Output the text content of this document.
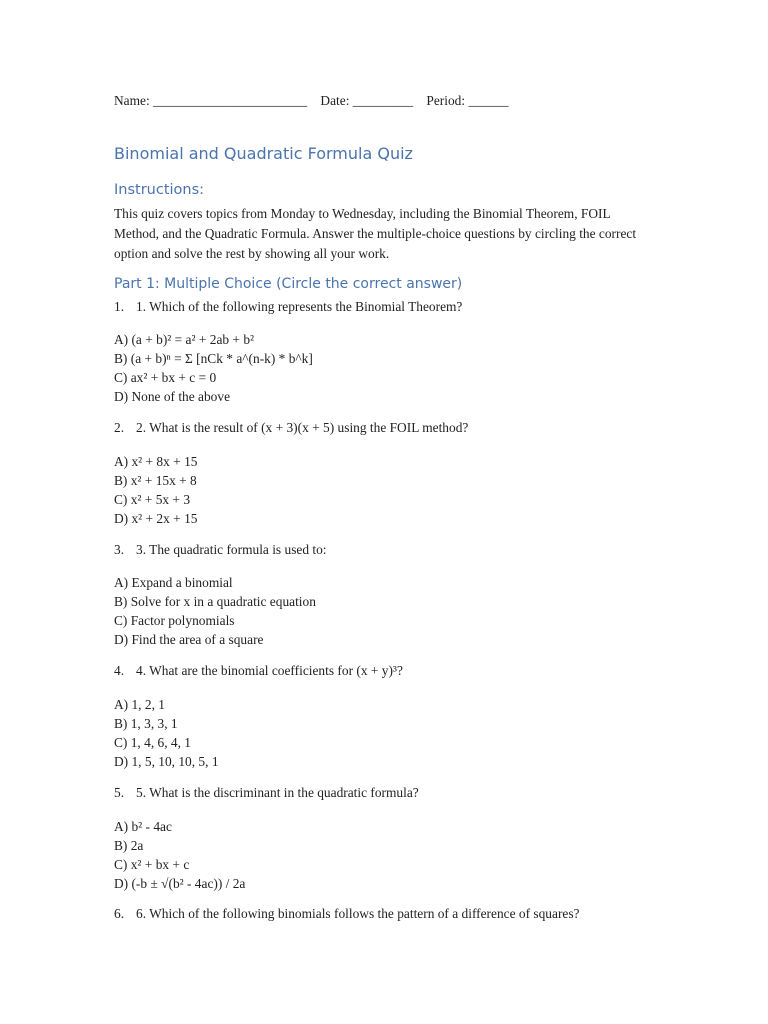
Name: _______________________    Date: _________    Period: ______
Binomial and Quadratic Formula Quiz
Instructions:
This quiz covers topics from Monday to Wednesday, including the Binomial Theorem, FOIL Method, and the Quadratic Formula. Answer the multiple-choice questions by circling the correct option and solve the rest by showing all your work.
Part 1: Multiple Choice (Circle the correct answer)
1. 1. Which of the following represents the Binomial Theorem?
A) (a + b)² = a² + 2ab + b²
B) (a + b)ⁿ = Σ [nCk * a^(n-k) * b^k]
C) ax² + bx + c = 0
D) None of the above
2. 2. What is the result of (x + 3)(x + 5) using the FOIL method?
A) x² + 8x + 15
B) x² + 15x + 8
C) x² + 5x + 3
D) x² + 2x + 15
3. 3. The quadratic formula is used to:
A) Expand a binomial
B) Solve for x in a quadratic equation
C) Factor polynomials
D) Find the area of a square
4. 4. What are the binomial coefficients for (x + y)³?
A) 1, 2, 1
B) 1, 3, 3, 1
C) 1, 4, 6, 4, 1
D) 1, 5, 10, 10, 5, 1
5. 5. What is the discriminant in the quadratic formula?
A) b² - 4ac
B) 2a
C) x² + bx + c
D) (-b ± √(b² - 4ac)) / 2a
6. 6. Which of the following binomials follows the pattern of a difference of squares?
